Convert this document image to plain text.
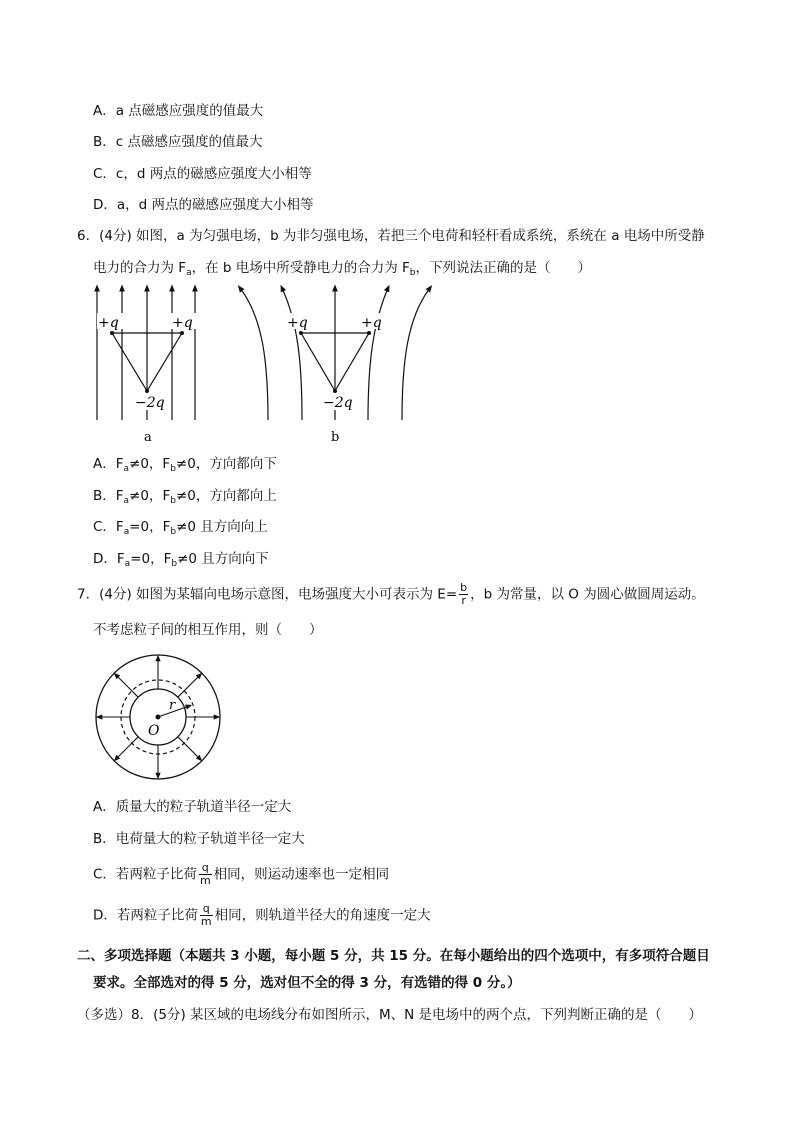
A．a 点磁感应强度的值最大
B．c 点磁感应强度的值最大
C．c，d 两点的磁感应强度大小相等
D．a，d 两点的磁感应强度大小相等
6．(4分) 如图，a 为匀强电场，b 为非匀强电场，若把三个电荷和轻杆看成系统，系统在 a 电场中所受静
电力的合力为 $F_a$，在 b 电场中所受静电力的合力为 $F_b$，下列说法正确的是（　　）
+q	+q
−2q
a
+q	+q
−2q
b
A．$F_a\ne 0$，$F_b\ne 0$，方向都向下
B．$F_a\ne 0$，$F_b\ne 0$，方向都向上
C．$F_a=0$，$F_b\ne 0$ 且方向向上
D．$F_a=0$，$F_b\ne 0$ 且方向向下
7．(4分) 如图为某辐向电场示意图，电场强度大小可表示为 $E= \frac{b}{r}$ ，b 为常量，以 O 为圆心做圆周运动。
不考虑粒子间的相互作用，则（　　）
r
O
A．质量大的粒子轨道半径一定大
B．电荷量大的粒子轨道半径一定大
C．若两粒子比荷 $\frac{q}{m}$ 相同，则运动速率也一定相同
D．若两粒子比荷 $\frac{q}{m}$ 相同，则轨道半径大的角速度一定大
二、多项选择题（本题共 3 小题，每小题 5 分，共 15 分。在每小题给出的四个选项中，有多项符合题目
要求。全部选对的得 5 分，选对但不全的得 3 分，有选错的得 0 分。）
（多选）8．(5分) 某区域的电场线分布如图所示，M、N 是电场中的两个点，下列判断正确的是（　　）
